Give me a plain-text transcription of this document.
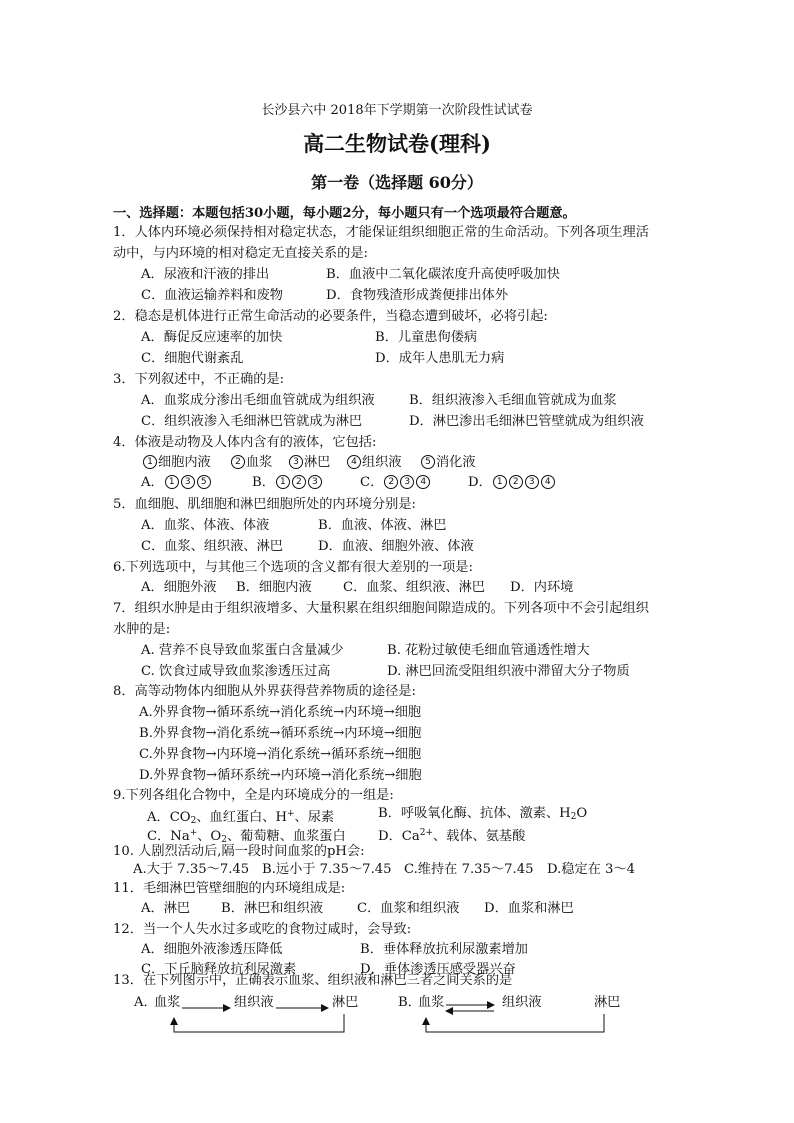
长沙县六中 2018年下学期第一次阶段性试试卷
高二生物试卷(理科)
第一卷（选择题 60分）
一、选择题：本题包括30小题，每小题2分，每小题只有一个选项最符合题意。
1．人体内环境必须保持相对稳定状态，才能保证组织细胞正常的生命活动。下列各项生理活
动中，与内环境的相对稳定无直接关系的是:
A．尿液和汗液的排出	B．血液中二氧化碳浓度升高使呼吸加快
C．血液运输养料和废物	D．食物残渣形成粪便排出体外
2．稳态是机体进行正常生命活动的必要条件，当稳态遭到破坏，必将引起:
A．酶促反应速率的加快	B．儿童患佝偻病
C．细胞代谢紊乱	D．成年人患肌无力病
3．下列叙述中，不正确的是:
A．血浆成分渗出毛细血管就成为组织液	B．组织液渗入毛细血管就成为血浆
C．组织液渗入毛细淋巴管就成为淋巴	D．淋巴渗出毛细淋巴管壁就成为组织液
4．体液是动物及人体内含有的液体，它包括:
1 细胞内液	2 血浆	3 淋巴	4 组织液	5 消化液
A． 1 3 5	B． 1 2 3	C． 2 3 4	D． 1 2 3 4
5．血细胞、肌细胞和淋巴细胞所处的内环境分别是:
A．血浆、体液、体液	B．血液、体液、淋巴
C．血浆、组织液、淋巴	D．血液、细胞外液、体液
6.下列选项中，与其他三个选项的含义都有很大差别的一项是:
A．细胞外液 B．细胞内液 C．血浆、组织液、淋巴 D．内环境
7．组织水肿是由于组织液增多、大量积累在组织细胞间隙造成的。下列各项中不会引起组织
水肿的是:
A. 营养不良导致血浆蛋白含量减少	B. 花粉过敏使毛细血管通透性增大
C. 饮食过咸导致血浆渗透压过高	D. 淋巴回流受阻组织液中滞留大分子物质
8．高等动物体内细胞从外界获得营养物质的途径是:
A.外界食物→循环系统→消化系统→内环境→细胞
B.外界食物→消化系统→循环系统→内环境→细胞
C.外界食物→内环境→消化系统→循环系统→细胞
D.外界食物→循环系统→内环境→消化系统→细胞
9.下列各组化合物中，全是内环境成分的一组是:
A．$CO_2$、血红蛋白、H+、尿素	B．呼吸氧化酶、抗体、激素、$H_2O$
C．Na+、$O_2$、葡萄糖、血浆蛋白 D．$Ca^{2+}$、载体、氨基酸
10. 人剧烈活动后,隔一段时间血浆的pH会:
A.大于 7.35～7.45 B.远小于 7.35～7.45 C.维持在 7.35～7.45 D.稳定在 3～4
11．毛细淋巴管壁细胞的内环境组成是:
A．淋巴 B．淋巴和组织液	C．血浆和组织液 D．血浆和淋巴
12．当一个人失水过多或吃的食物过咸时，会导致:
A．细胞外液渗透压降低	B．垂体释放抗利尿激素增加
C．下丘脑释放抗利尿激素	D．垂体渗透压感受器兴奋
13．在下列图示中，正确表示血浆、组织液和淋巴三者之间关系的是
A．
血浆	组织液	淋巴	B．
血浆	组织液	淋巴
